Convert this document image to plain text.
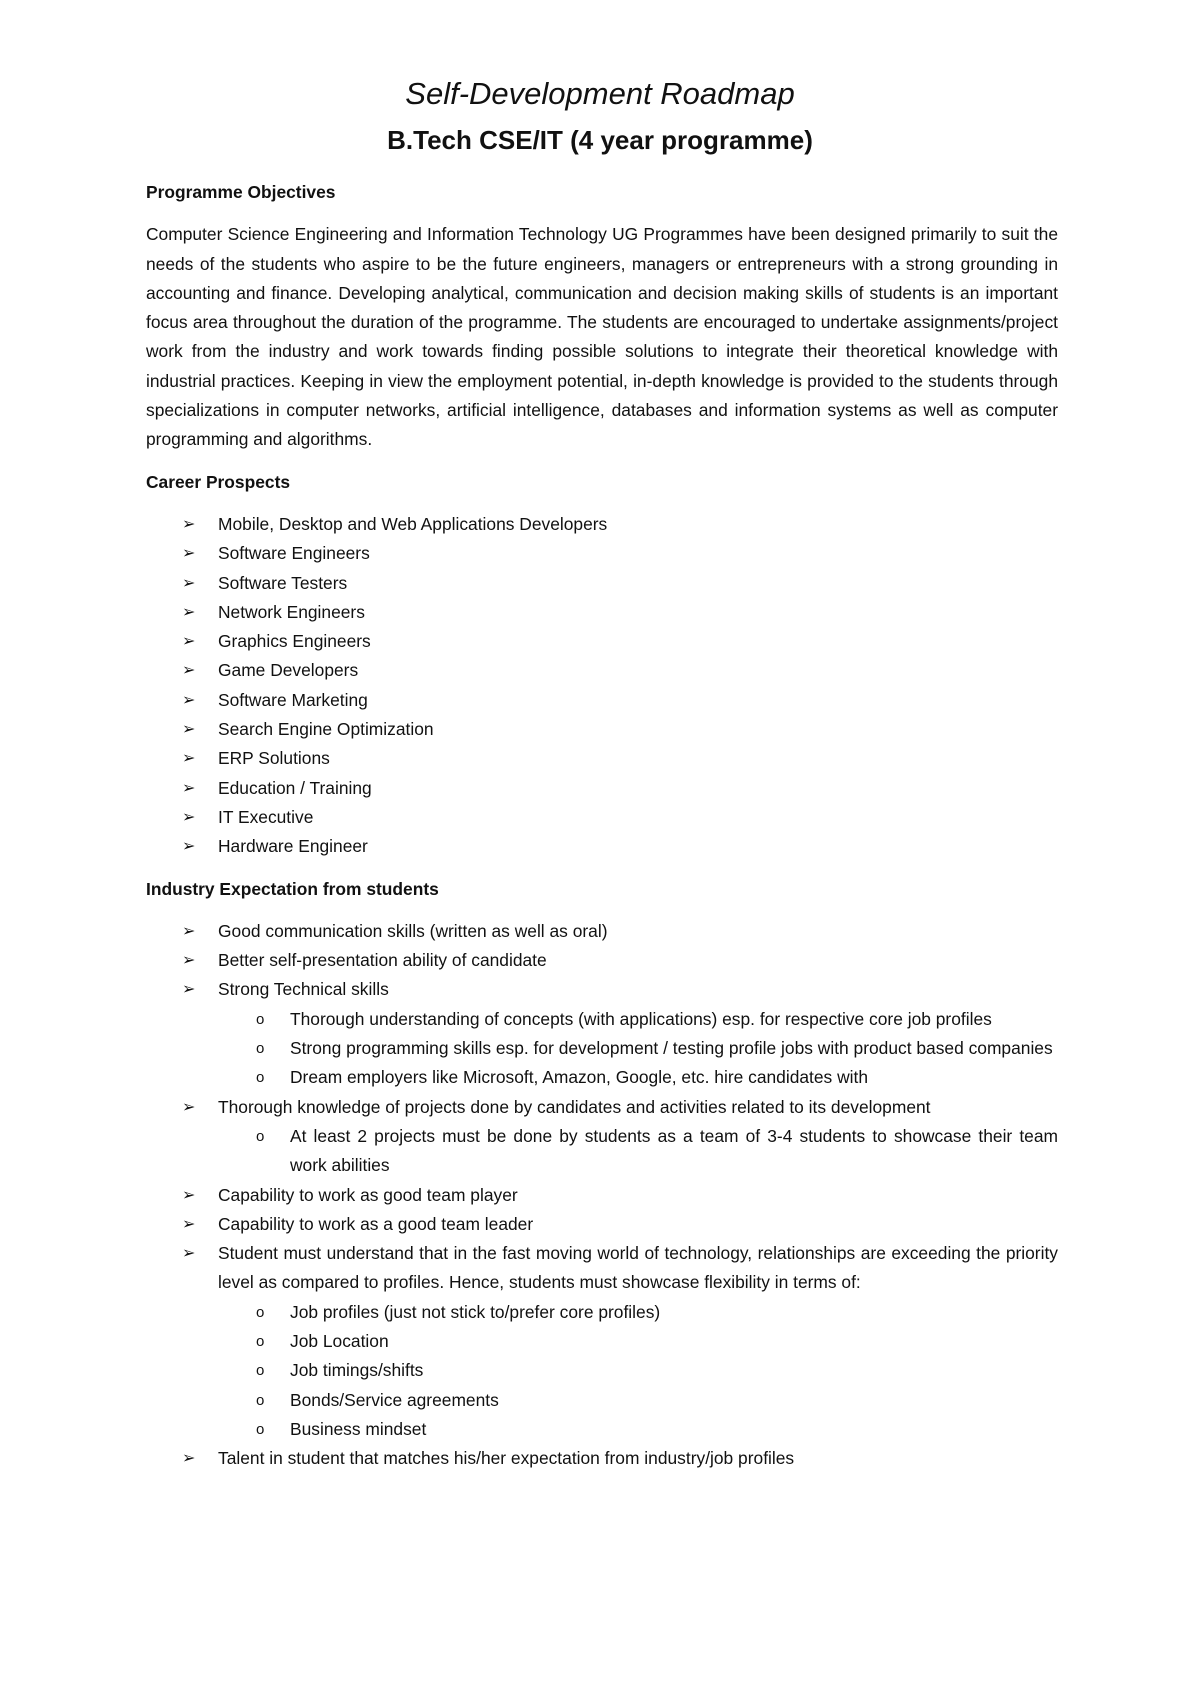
Self-Development Roadmap
B.Tech CSE/IT (4 year programme)

Programme Objectives

Computer Science Engineering and Information Technology UG Programmes have been designed primarily to suit the needs of the students who aspire to be the future engineers, managers or entrepreneurs with a strong grounding in accounting and finance. Developing analytical, communication and decision making skills of students is an important focus area throughout the duration of the programme. The students are encouraged to undertake assignments/project work from the industry and work towards finding possible solutions to integrate their theoretical knowledge with industrial practices. Keeping in view the employment potential, in-depth knowledge is provided to the students through specializations in computer networks, artificial intelligence, databases and information systems as well as computer programming and algorithms.

Career Prospects

➢ Mobile, Desktop and Web Applications Developers
➢ Software Engineers
➢ Software Testers
➢ Network Engineers
➢ Graphics Engineers
➢ Game Developers
➢ Software Marketing
➢ Search Engine Optimization
➢ ERP Solutions
➢ Education / Training
➢ IT Executive
➢ Hardware Engineer

Industry Expectation from students

➢ Good communication skills (written as well as oral)
➢ Better self-presentation ability of candidate
➢ Strong Technical skills
o Thorough understanding of concepts (with applications) esp. for respective core job profiles
o Strong programming skills esp. for development / testing profile jobs with product based companies
o Dream employers like Microsoft, Amazon, Google, etc. hire candidates with
➢ Thorough knowledge of projects done by candidates and activities related to its development
o At least 2 projects must be done by students as a team of 3-4 students to showcase their team work abilities
➢ Capability to work as good team player
➢ Capability to work as a good team leader
➢ Student must understand that in the fast moving world of technology, relationships are exceeding the priority level as compared to profiles. Hence, students must showcase flexibility in terms of:
o Job profiles (just not stick to/prefer core profiles)
o Job Location
o Job timings/shifts
o Bonds/Service agreements
o Business mindset
➢ Talent in student that matches his/her expectation from industry/job profiles
